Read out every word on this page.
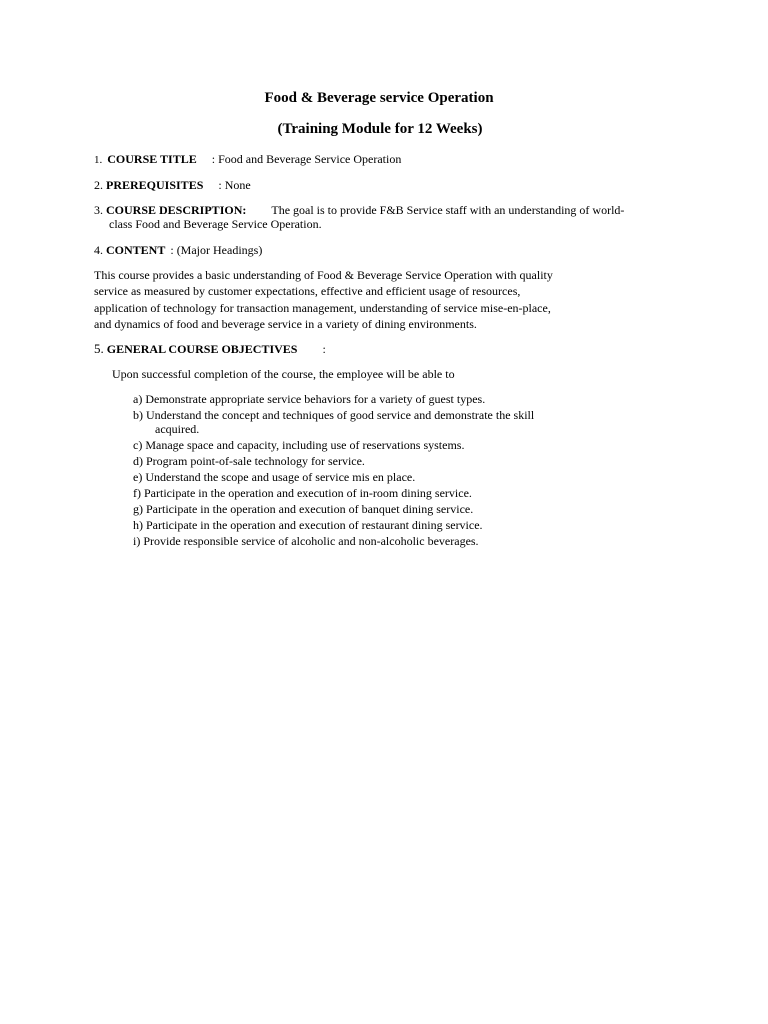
Food & Beverage service Operation
(Training Module for 12 Weeks)
1. COURSE TITLE : Food and Beverage Service Operation
2. PREREQUISITES : None
3. COURSE DESCRIPTION: The goal is to provide F&B Service staff with an understanding of world-
class Food and Beverage Service Operation.
4. CONTENT : (Major Headings)
This course provides a basic understanding of Food & Beverage Service Operation with quality
service as measured by customer expectations, effective and efficient usage of resources,
application of technology for transaction management, understanding of service mise-en-place,
and dynamics of food and beverage service in a variety of dining environments.
5. GENERAL COURSE OBJECTIVES :
Upon successful completion of the course, the employee will be able to
a) Demonstrate appropriate service behaviors for a variety of guest types.
b) Understand the concept and techniques of good service and demonstrate the skill
acquired.
c) Manage space and capacity, including use of reservations systems.
d) Program point-of-sale technology for service.
e) Understand the scope and usage of service mis en place.
f) Participate in the operation and execution of in-room dining service.
g) Participate in the operation and execution of banquet dining service.
h) Participate in the operation and execution of restaurant dining service.
i) Provide responsible service of alcoholic and non-alcoholic beverages.
